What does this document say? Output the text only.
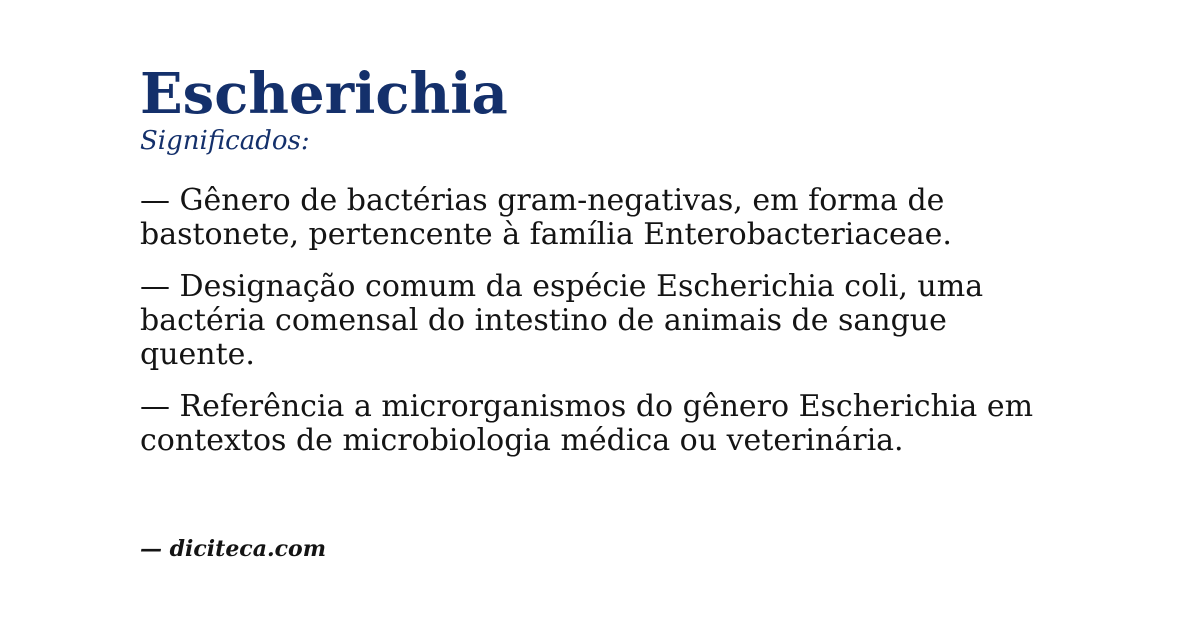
Escherichia
Significados:
— Gênero de bactérias gram-negativas, em forma de bastonete, pertencente à família Enterobacteriaceae.
— Designação comum da espécie Escherichia coli, uma bactéria comensal do intestino de animais de sangue quente.
— Referência a microrganismos do gênero Escherichia em contextos de microbiologia médica ou veterinária.
— diciteca.com
